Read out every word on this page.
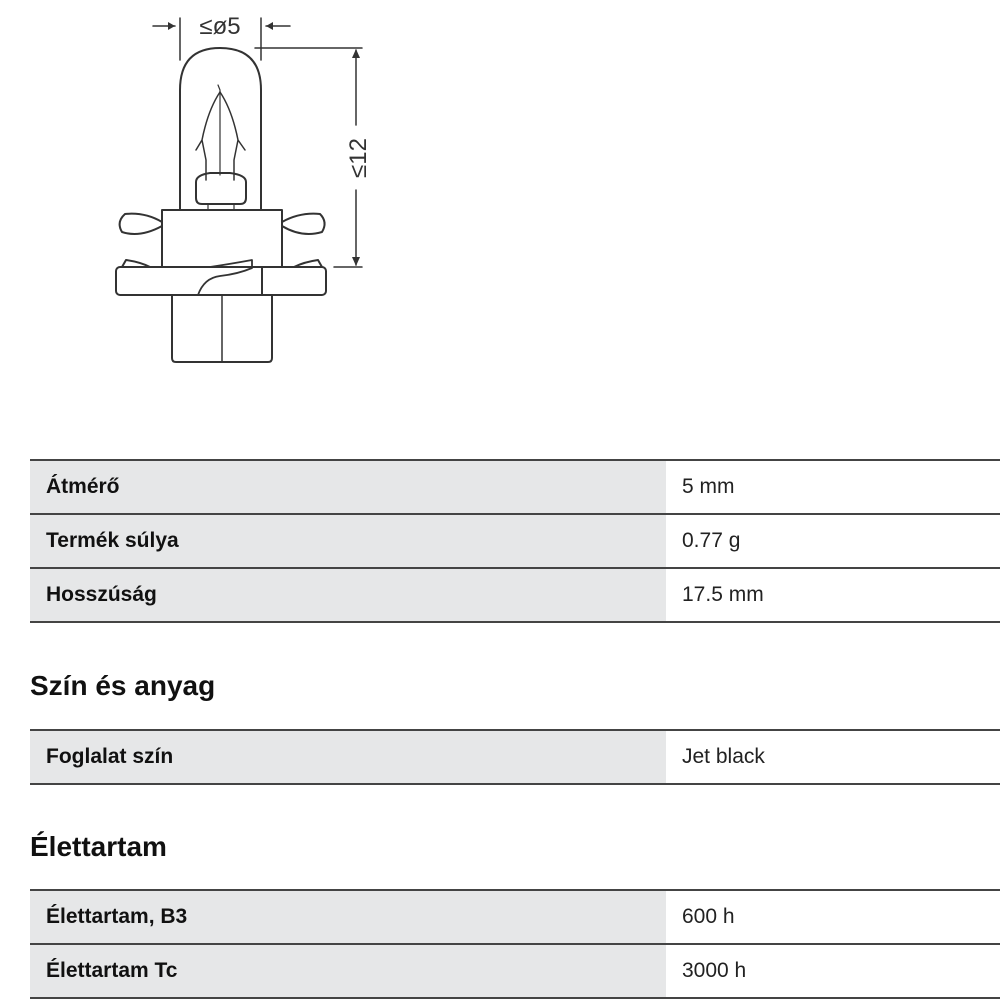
≤ø5
≤12
Átmérő	5 mm
Termék súlya	0.77 g
Hosszúság	17.5 mm
Szín és anyag
Foglalat szín	Jet black
Élettartam
Élettartam, B3	600 h
Élettartam Tc	3000 h
